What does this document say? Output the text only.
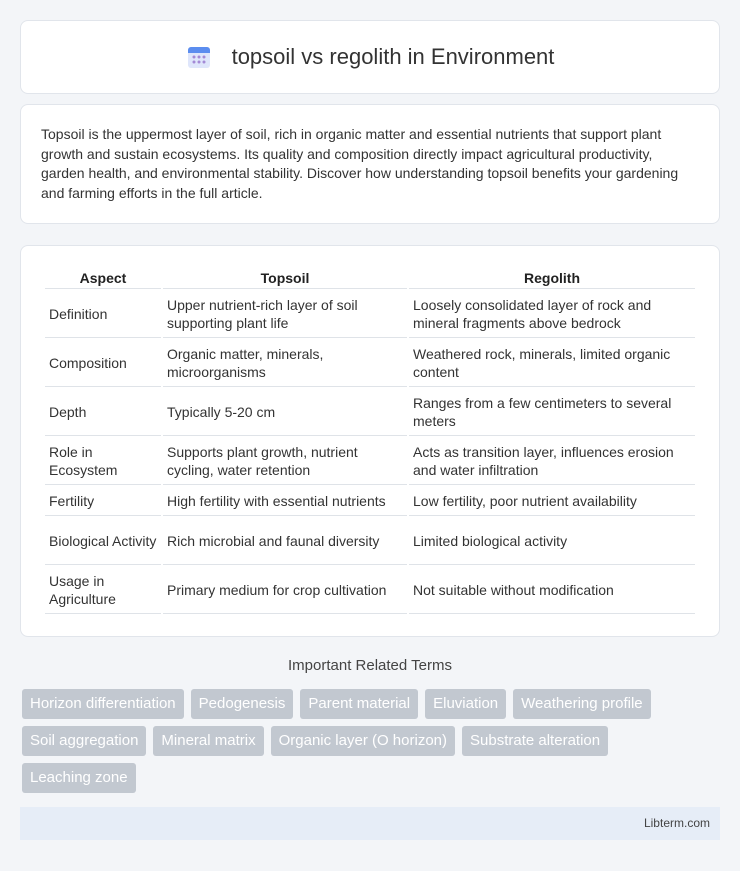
topsoil vs regolith in Environment

Topsoil is the uppermost layer of soil, rich in organic matter and essential nutrients that support plant growth and sustain ecosystems. Its quality and composition directly impact agricultural productivity, garden health, and environmental stability. Discover how understanding topsoil benefits your gardening and farming efforts in the full article.

Aspect	Topsoil	Regolith
Definition	Upper nutrient-rich layer of soil supporting plant life	Loosely consolidated layer of rock and mineral fragments above bedrock
Composition	Organic matter, minerals, microorganisms	Weathered rock, minerals, limited organic content
Depth	Typically 5-20 cm	Ranges from a few centimeters to several meters
Role in Ecosystem	Supports plant growth, nutrient cycling, water retention	Acts as transition layer, influences erosion and water infiltration
Fertility	High fertility with essential nutrients	Low fertility, poor nutrient availability
Biological Activity	Rich microbial and faunal diversity	Limited biological activity
Usage in Agriculture	Primary medium for crop cultivation	Not suitable without modification
Important Related Terms
Horizon differentiation	Pedogenesis	Parent material	Eluviation	Weathering profile
Soil aggregation	Mineral matrix	Organic layer (O horizon)	Substrate alteration
Leaching zone
Libterm.com
